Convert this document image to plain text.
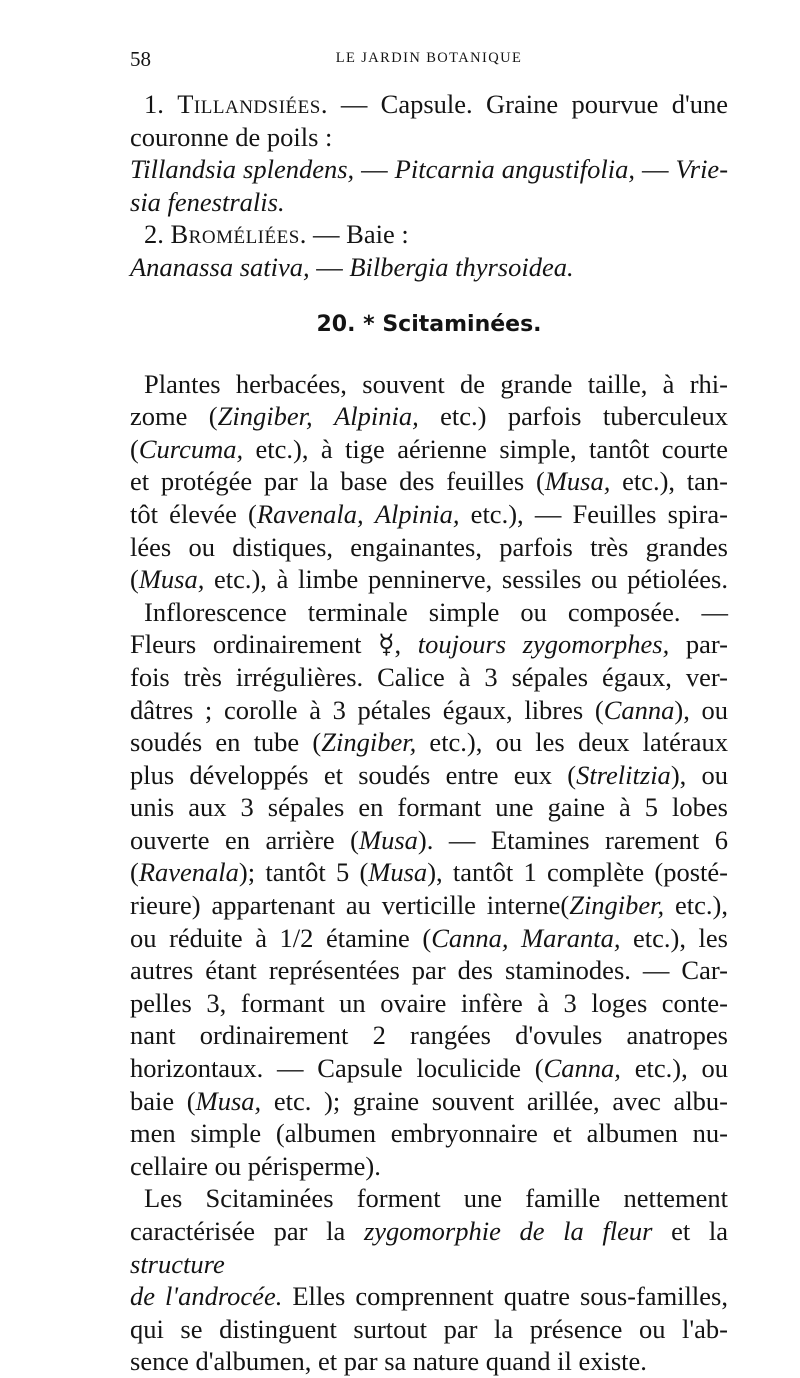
58	LE JARDIN BOTANIQUE
1. Tillandsiées. — Capsule. Graine pourvue d'une
couronne de poils :
Tillandsia splendens, — Pitcarnia angustifolia, — Vrie-
sia fenestralis.
2. Broméliées. — Baie :
Ananassa sativa, — Bilbergia thyrsoidea.
20. * Scitaminées.
Plantes herbacées, souvent de grande taille, à rhi-
zome (Zingiber, Alpinia, etc.) parfois tuberculeux
(Curcuma, etc.), à tige aérienne simple, tantôt courte
et protégée par la base des feuilles (Musa, etc.), tan-
tôt élevée (Ravenala, Alpinia, etc.), — Feuilles spira-
lées ou distiques, engainantes, parfois très grandes
(Musa, etc.), à limbe penninerve, sessiles ou pétiolées.
Inflorescence terminale simple ou composée. —
Fleurs ordinairement ☿, toujours zygomorphes, par-
fois très irrégulières. Calice à 3 sépales égaux, ver-
dâtres ; corolle à 3 pétales égaux, libres (Canna), ou
soudés en tube (Zingiber, etc.), ou les deux latéraux
plus développés et soudés entre eux (Strelitzia), ou
unis aux 3 sépales en formant une gaine à 5 lobes
ouverte en arrière (Musa). — Etamines rarement 6
(Ravenala); tantôt 5 (Musa), tantôt 1 complète (posté-
rieure) appartenant au verticille interne(Zingiber, etc.),
ou réduite à 1/2 étamine (Canna, Maranta, etc.), les
autres étant représentées par des staminodes. — Car-
pelles 3, formant un ovaire infère à 3 loges conte-
nant ordinairement 2 rangées d'ovules anatropes
horizontaux. — Capsule loculicide (Canna, etc.), ou
baie (Musa, etc. ); graine souvent arillée, avec albu-
men simple (albumen embryonnaire et albumen nu-
cellaire ou périsperme).
Les Scitaminées forment une famille nettement
caractérisée par la zygomorphie de la fleur et la structure
de l'androcée. Elles comprennent quatre sous-familles,
qui se distinguent surtout par la présence ou l'ab-
sence d'albumen, et par sa nature quand il existe.
